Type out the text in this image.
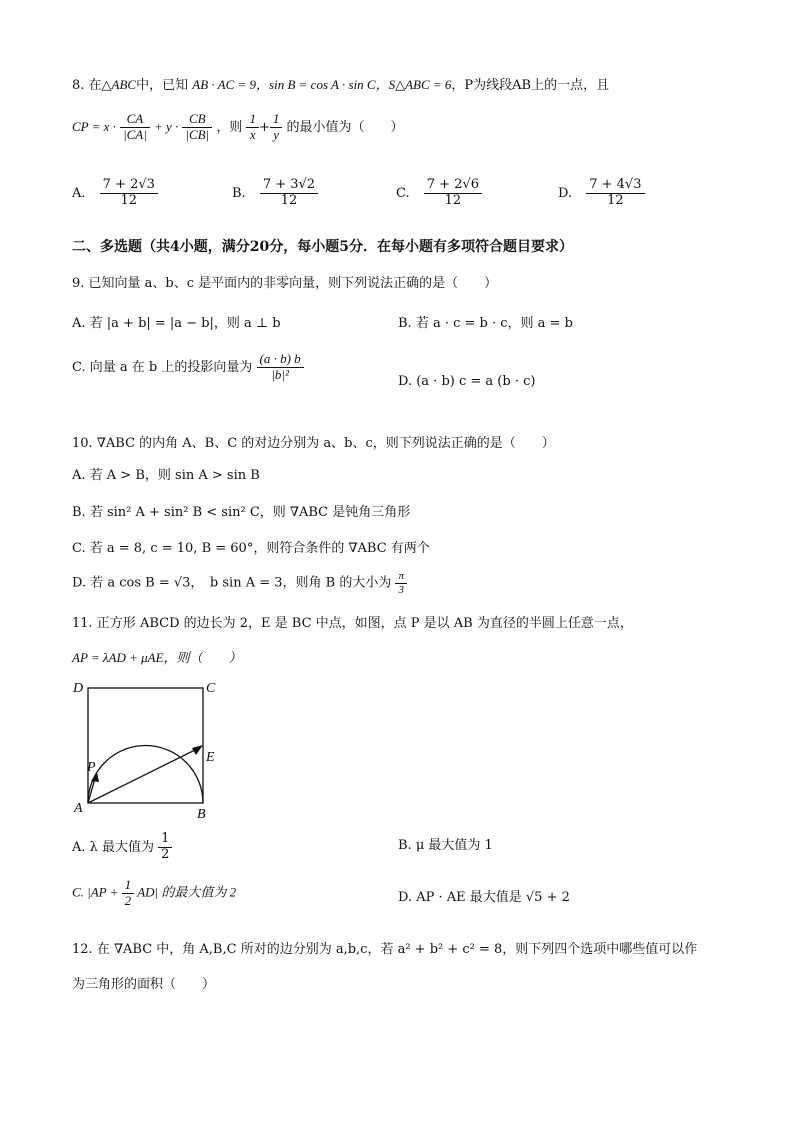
8. 在△ABC中，已知 AB · AC = 9，sin B = cos A · sin C，S△ABC = 6，P为线段AB上的一点，且
CP = $x \cdot \frac{CA}{|CA|} + y \cdot \frac{CB}{|CB|}$ ，则 $\frac{1}{x} + \frac{1}{y}$ 的最小值为（　　）
A. $\frac{7 + 2√3}{12}$	B. $\frac{7 + 3√2}{12}$	C. $\frac{7 + 2√6}{12}$	D. $\frac{7 + 4√3}{12}$
二、多选题（共4小题，满分20分，每小题5分．在每小题有多项符合题目要求）
9. 已知向量 a、b、c 是平面内的非零向量，则下列说法正确的是（　　）
A. 若 |a + b| = |a − b|，则 a ⊥ b	B. 若 a · c = b · c，则 a = b
C. 向量 a 在 b 上的投影向量为 $\frac{(a \cdot b) b}{\text{|b|²}}$	D. (a · b) c = a (b · c)
10. ∇ABC 的内角 A、B、C 的对边分别为 a、b、c，则下列说法正确的是（　　）
A. 若 A > B，则 sin A > sin B
B. 若 sin² A + sin² B < sin² C，则 ∇ABC 是钝角三角形
C. 若 a = 8, c = 10, B = 60°，则符合条件的 ∇ABC 有两个
D. 若 a cos B = √3，　b sin A = 3，则角 B 的大小为 $\frac{\pi}{3}$
11. 正方形 ABCD 的边长为 2，E 是 BC 中点，如图，点 P 是以 AB 为直径的半圆上任意一点，
AP = λAD + μAE，则（　　）
D	C
E
P
A	B
A. λ 最大值为 $\frac{1}{2}$	B. μ 最大值为 1
C. $|AP + \frac{1}{2} AD|$ 的最大值为 2	D. AP · AE 最大值是 √5 + 2
12. 在 ∇ABC 中，角 A,B,C 所对的边分别为 a,b,c，若 a² + b² + c² = 8，则下列四个选项中哪些值可以作
为三角形的面积（　　）
